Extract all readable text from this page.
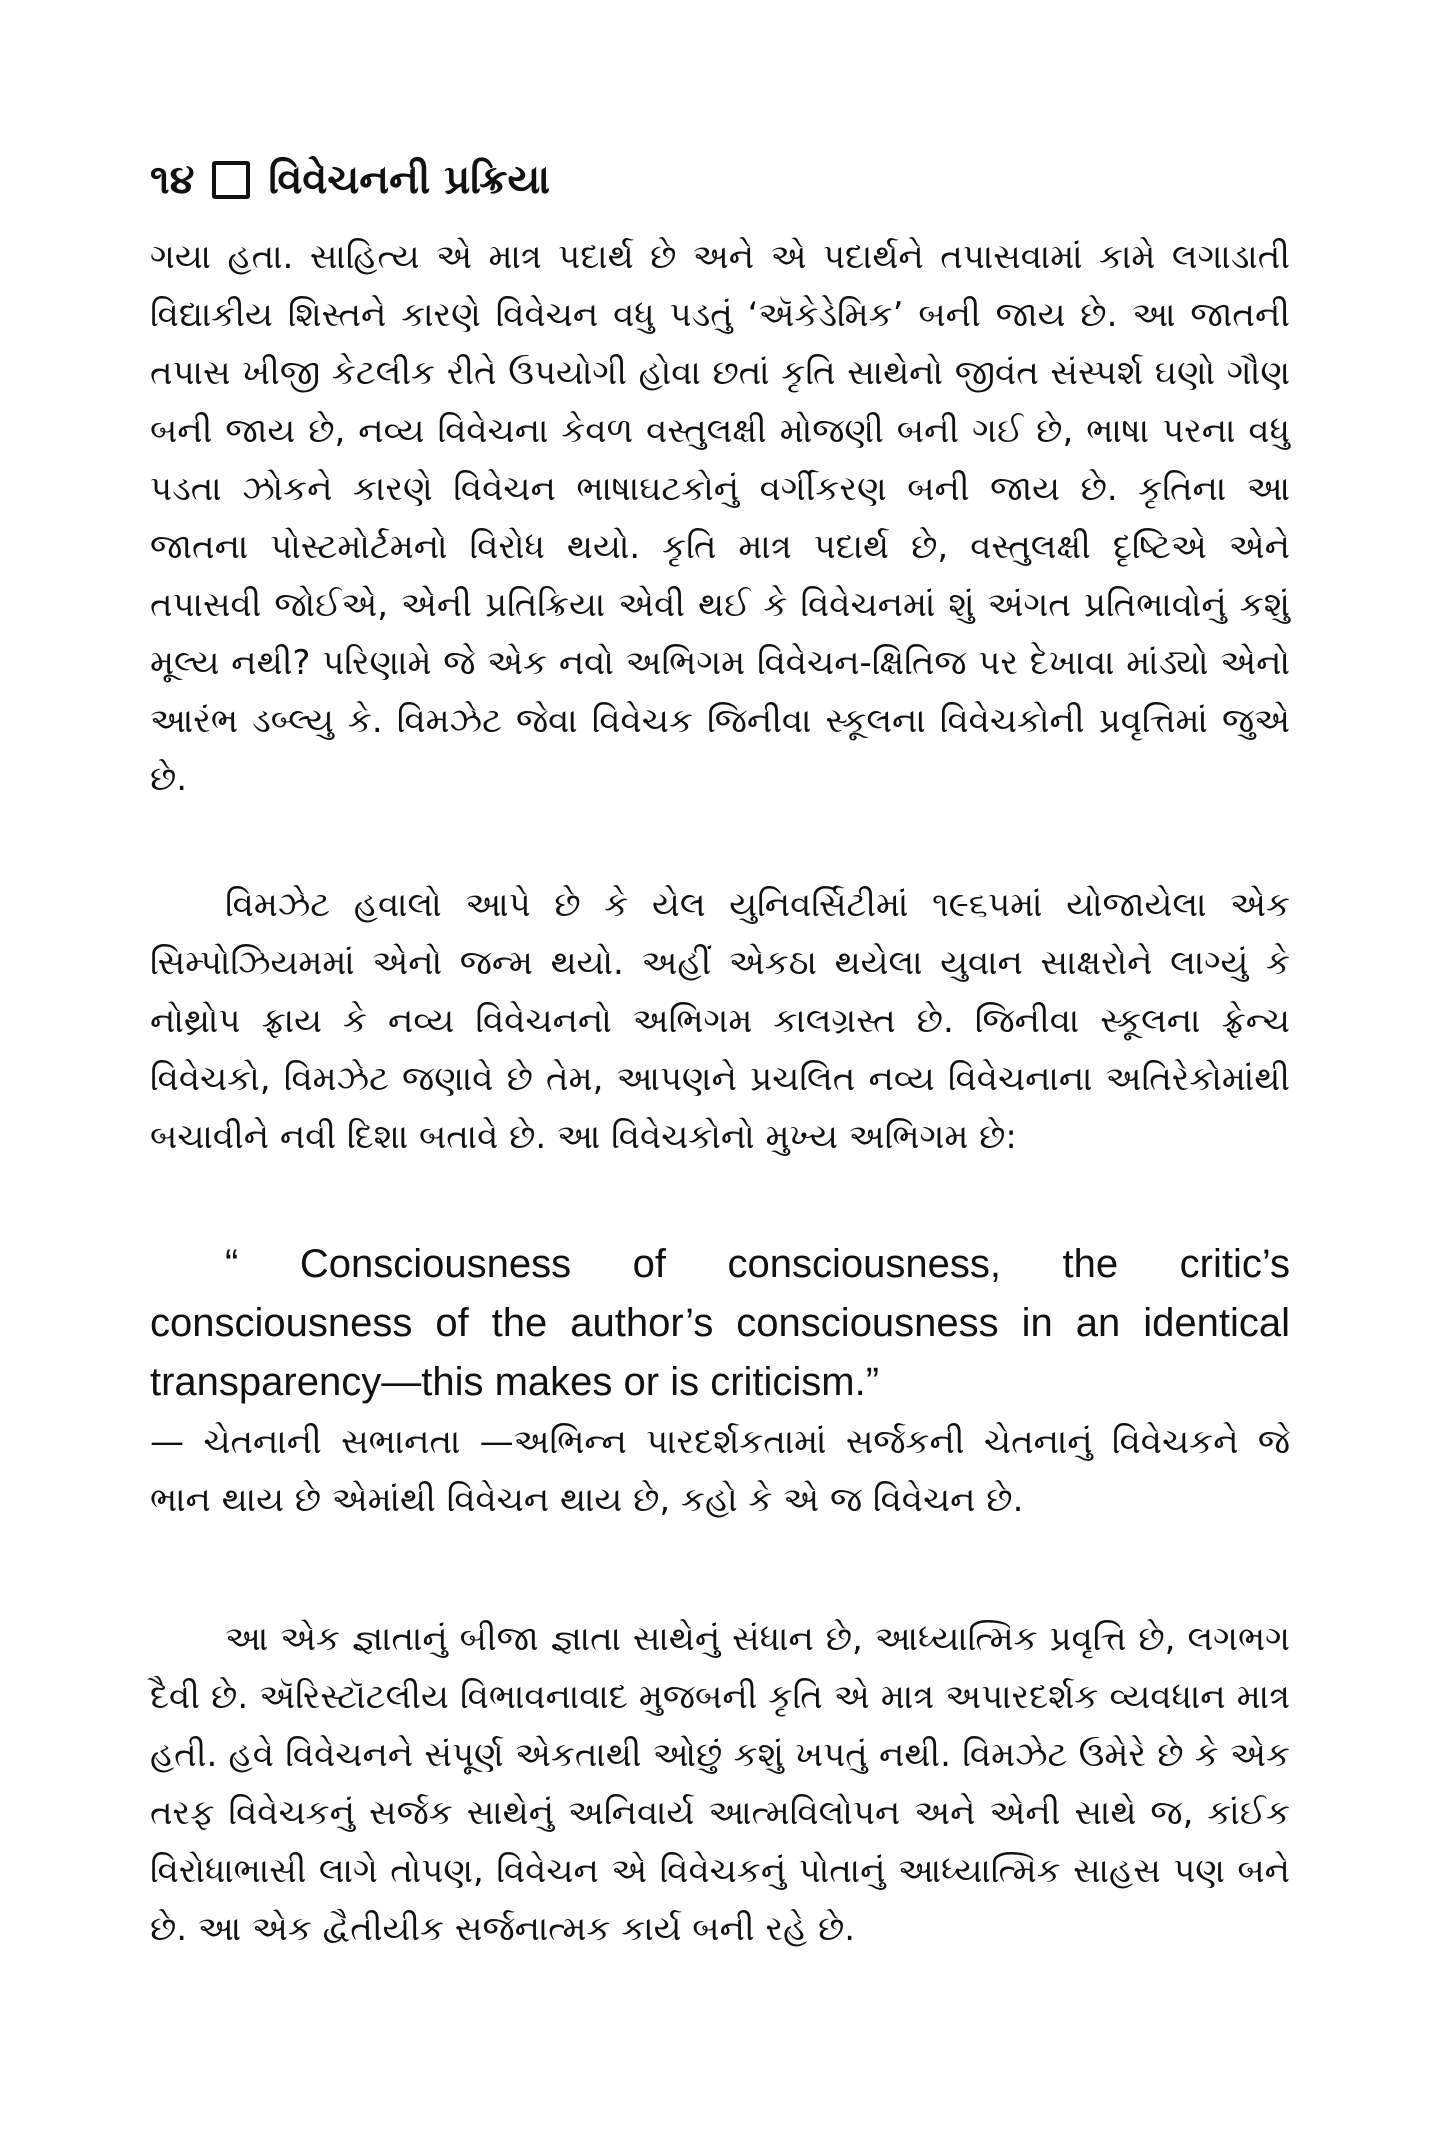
૧૪ વિવેચનની પ્રક્રિયા

ગયા હતા. સાહિત્ય એ માત્ર પદાર્થ છે અને એ પદાર્થને તપાસવામાં કામે લગાડાતી વિદ્યાકીય શિસ્તને કારણે વિવેચન વધુ પડતું ‘ઍકેડેમિક’ બની જાય છે. આ જાતની તપાસ ખીજી કેટલીક રીતે ઉપયોગી હોવા છતાં કૃતિ સાથેનો જીવંત સંસ્પર્શ ઘણો ગૌણ બની જાય છે, નવ્ય વિવેચના કેવળ વસ્તુલક્ષી મોજણી બની ગઈ છે, ભાષા પરના વધુ પડતા ઝોકને કારણે વિવેચન ભાષાઘટકોનું વર્ગીકરણ બની જાય છે. કૃતિના આ જાતના પોસ્ટમોર્ટમનો વિરોધ થયો. કૃતિ માત્ર પદાર્થ છે, વસ્તુલક્ષી દૃષ્ટિએ એને તપાસવી જોઈએ, એની પ્રતિક્રિયા એવી થઈ કે વિવેચનમાં શું અંગત પ્રતિભાવોનું કશું મૂલ્ય નથી? પરિણામે જે એક નવો અભિગમ વિવેચન-ક્ષિતિજ પર દેખાવા માંડ્યો એનો આરંભ ડબ્લ્યુ કે. વિમઝેટ જેવા વિવેચક જિનીવા સ્કૂલના વિવેચકોની પ્રવૃત્તિમાં જુએ છે.

વિમઝેટ હવાલો આપે છે કે યેલ યુનિવર્સિટીમાં ૧૯૬૫માં યોજાયેલા એક સિમ્પોઝિયમમાં એનો જન્મ થયો. અહીં એકઠા થયેલા યુવાન સાક્ષરોને લાગ્યું કે નોથ્રોપ ફ્રાય કે નવ્ય વિવેચનનો અભિગમ કાલગ્રસ્ત છે. જિનીવા સ્કૂલના ફ્રેન્ચ વિવેચકો, વિમઝેટ જણાવે છે તેમ, આપણને પ્રચલિત નવ્ય વિવેચનાના અતિરેકોમાંથી બચાવીને નવી દિશા બતાવે છે. આ વિવેચકોનો મુખ્ય અભિગમ છે:

“ Consciousness of consciousness, the critic’s consciousness of the author’s consciousness in an identical transparency—this makes or is criticism.”

— ચેતનાની સભાનતા —અભિન્ન પારદર્શકતામાં સર્જકની ચેતનાનું વિવેચકને જે ભાન થાય છે એમાંથી વિવેચન થાય છે, કહો કે એ જ વિવેચન છે.

આ એક જ્ઞાતાનું બીજા જ્ઞાતા સાથેનું સંધાન છે, આધ્યાત્મિક પ્રવૃત્તિ છે, લગભગ દૈવી છે. ઍરિસ્ટૉટલીય વિભાવનાવાદ મુજબની કૃતિ એ માત્ર અપારદર્શક વ્યવધાન માત્ર હતી. હવે વિવેચનને સંપૂર્ણ એકતાથી ઓછું કશું ખપતું નથી. વિમઝેટ ઉમેરે છે કે એક તરફ વિવેચકનું સર્જક સાથેનું અનિવાર્ય આત્મવિલોપન અને એની સાથે જ, કાંઈક વિરોધાભાસી લાગે તોપણ, વિવેચન એ વિવેચકનું પોતાનું આધ્યાત્મિક સાહસ પણ બને છે. આ એક દ્વૈતીયીક સર્જનાત્મક કાર્ય બની રહે છે.
